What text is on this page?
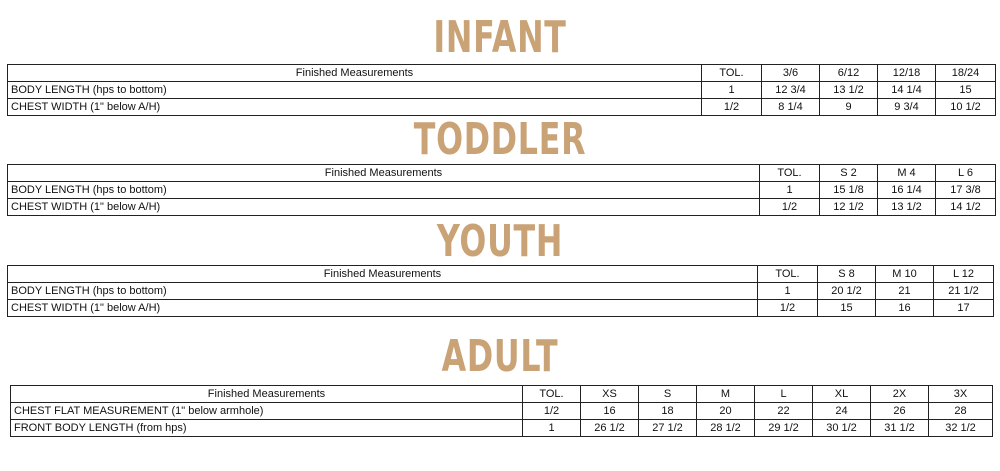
INFANT
Finished Measurements	TOL.	3/6	6/12	12/18	18/24
BODY LENGTH (hps to bottom)	1	12 3/4	13 1/2	14 1/4	15
CHEST WIDTH (1" below A/H)	1/2	8 1/4	9	9 3/4	10 1/2
TODDLER
Finished Measurements	TOL.	S 2	M 4	L 6
BODY LENGTH (hps to bottom)	1	15 1/8	16 1/4	17 3/8
CHEST WIDTH (1" below A/H)	1/2	12 1/2	13 1/2	14 1/2
YOUTH
Finished Measurements	TOL.	S 8	M 10	L 12
BODY LENGTH (hps to bottom)	1	20 1/2	21	21 1/2
CHEST WIDTH (1" below A/H)	1/2	15	16	17
ADULT
Finished Measurements	TOL.	XS	S	M	L	XL	2X	3X
CHEST FLAT MEASUREMENT (1" below armhole)	1/2	16	18	20	22	24	26	28
FRONT BODY LENGTH (from hps)	1	26 1/2	27 1/2	28 1/2	29 1/2	30 1/2	31 1/2	32 1/2
